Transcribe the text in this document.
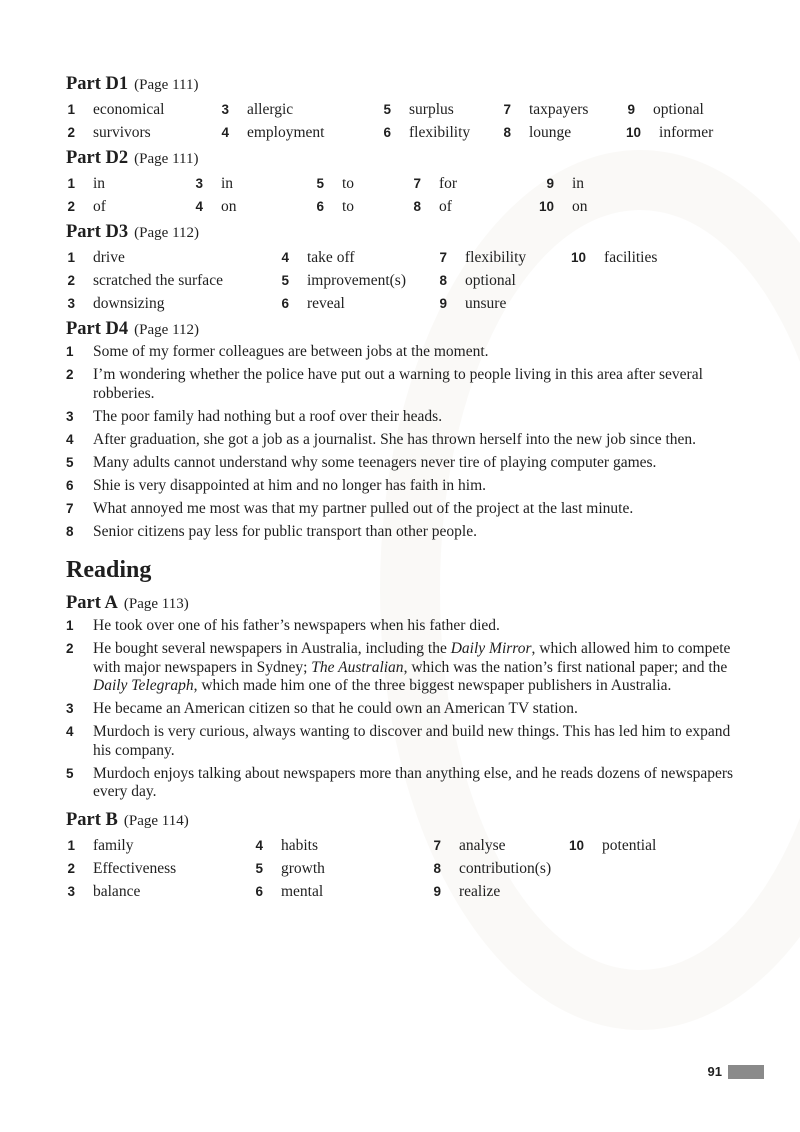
Part D1 (Page 111)
1 economical	3 allergic	5 surplus	7 taxpayers	9 optional
2 survivors	4 employment	6 flexibility 8 lounge	10 informer
Part D2 (Page 111)
1 in	3 in	5 to	7 for	9 in
2 of	4 on	6 to	8 of	10 on
Part D3 (Page 112)
1 drive	4 take off	7 flexibility	10 facilities
2 scratched the surface	5 improvement(s) 8 optional
3 downsizing	6 reveal	9 unsure
Part D4 (Page 112)
1 Some of my former colleagues are between jobs at the moment.
2 I’m wondering whether the police have put out a warning to people living in this area after several robberies.
3 The poor family had nothing but a roof over their heads.
4 After graduation, she got a job as a journalist. She has thrown herself into the new job since then.
5 Many adults cannot understand why some teenagers never tire of playing computer games.
6 Shie is very disappointed at him and no longer has faith in him.
7 What annoyed me most was that my partner pulled out of the project at the last minute.
8 Senior citizens pay less for public transport than other people.
Reading
Part A (Page 113)
1 He took over one of his father’s newspapers when his father died.
2 He bought several newspapers in Australia, including the Daily Mirror, which allowed him to compete with major newspapers in Sydney; The Australian, which was the nation’s first national paper; and the Daily Telegraph, which made him one of the three biggest newspaper publishers in Australia.
3 He became an American citizen so that he could own an American TV station.
4 Murdoch is very curious, always wanting to discover and build new things. This has led him to expand his company.
5 Murdoch enjoys talking about newspapers more than anything else, and he reads dozens of newspapers every day.
Part B (Page 114)
1 family	4 habits	7 analyse	10 potential
2 Effectiveness	5 growth	8 contribution(s)
3 balance	6 mental	9 realize
91
